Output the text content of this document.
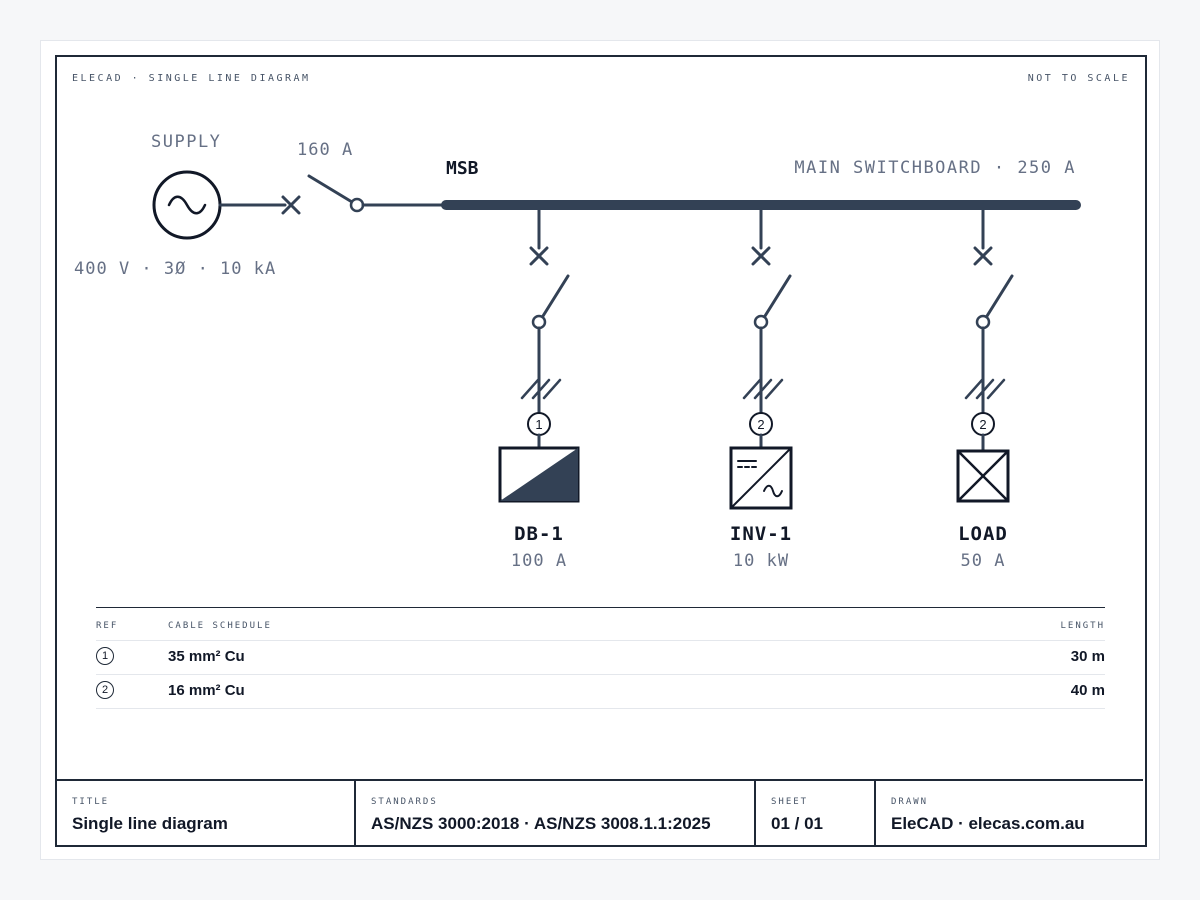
ELECAD · SINGLE LINE DIAGRAM	NOT TO SCALE
1	2	2
SUPPLY
400 V · 3Ø · 10 kA
160 A
MSB	MAIN SWITCHBOARD · 250 A
DB-1
100 A
INV-1
10 kW
LOAD
50 A
REF	CABLE SCHEDULE	LENGTH
1	35 mm² Cu	30 m
2	16 mm² Cu	40 m
TITLE
Single line diagram
STANDARDS
AS/NZS 3000:2018 · AS/NZS 3008.1.1:2025
SHEET
01 / 01
DRAWN
EleCAD · elecas.com.au
